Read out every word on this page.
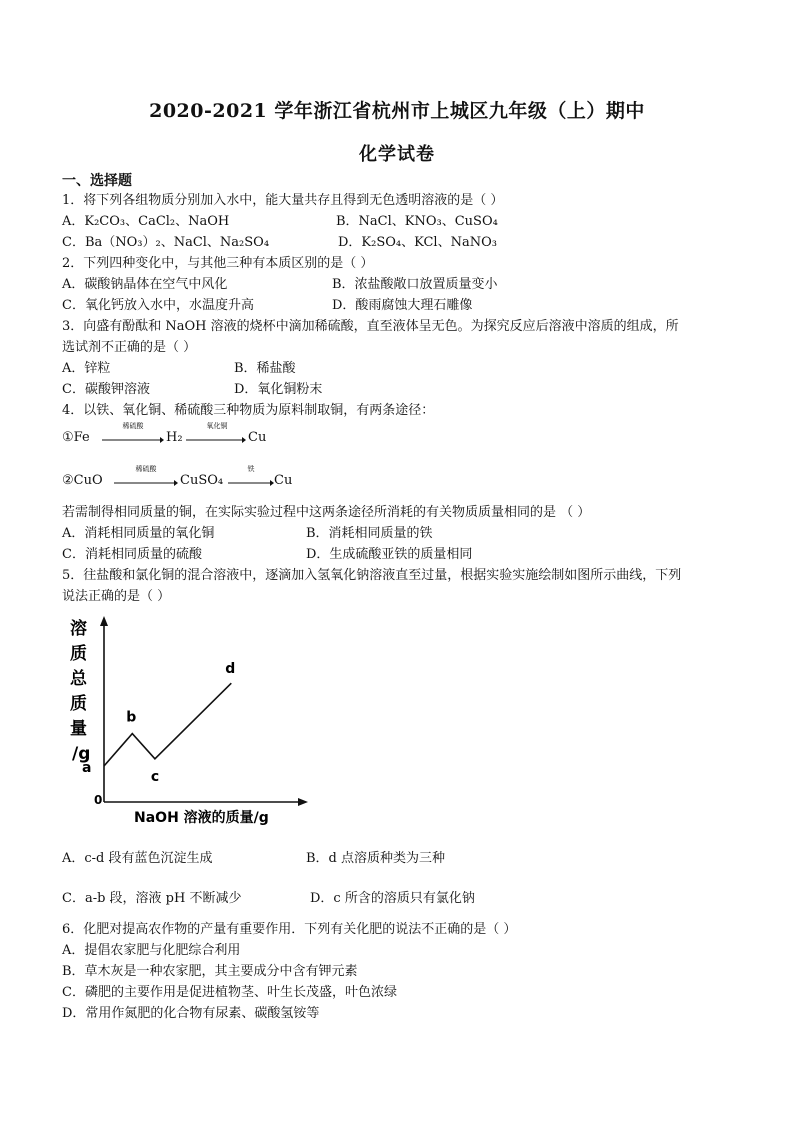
2020-2021 学年浙江省杭州市上城区九年级（上）期中
化学试卷
一、选择题
1．将下列各组物质分别加入水中，能大量共存且得到无色透明溶液的是（ ）
A．K₂CO₃、CaCl₂、NaOH	B．NaCl、KNO₃、CuSO₄
C．Ba（NO₃）₂、NaCl、Na₂SO₄	D．K₂SO₄、KCl、NaNO₃
2．下列四种变化中，与其他三种有本质区别的是（ ）
A．碳酸钠晶体在空气中风化	B．浓盐酸敞口放置质量变小
C．氧化钙放入水中，水温度升高	D．酸雨腐蚀大理石雕像
3．向盛有酚酞和 NaOH 溶液的烧杯中滴加稀硫酸，直至液体呈无色。为探究反应后溶液中溶质的组成，所
选试剂不正确的是（ ）
A．锌粒	B．稀盐酸
C．碳酸钾溶液	D．氧化铜粉末
4．以铁、氧化铜、稀硫酸三种物质为原料制取铜，有两条途径：
①Fe
稀硫酸
H₂
氧化铜
Cu
②CuO
稀硫酸
CuSO₄
铁
Cu
若需制得相同质量的铜，在实际实验过程中这两条途径所消耗的有关物质质量相同的是 （ ）
A．消耗相同质量的氧化铜	B．消耗相同质量的铁
C．消耗相同质量的硫酸	D．生成硫酸亚铁的质量相同
5．往盐酸和氯化铜的混合溶液中，逐滴加入氢氧化钠溶液直至过量，根据实验实施绘制如图所示曲线，下列
说法正确的是（ ）
溶
质
总
质
量
/g
0
NaOH 溶液的质量/g
a
b
c
d
A．c-d 段有蓝色沉淀生成	B．d 点溶质种类为三种
C．a-b 段，溶液 pH 不断减少	D．c 所含的溶质只有氯化钠
6．化肥对提高农作物的产量有重要作用．下列有关化肥的说法不正确的是（ ）
A．提倡农家肥与化肥综合利用
B．草木灰是一种农家肥，其主要成分中含有钾元素
C．磷肥的主要作用是促进植物茎、叶生长茂盛，叶色浓绿
D．常用作氮肥的化合物有尿素、碳酸氢铵等
